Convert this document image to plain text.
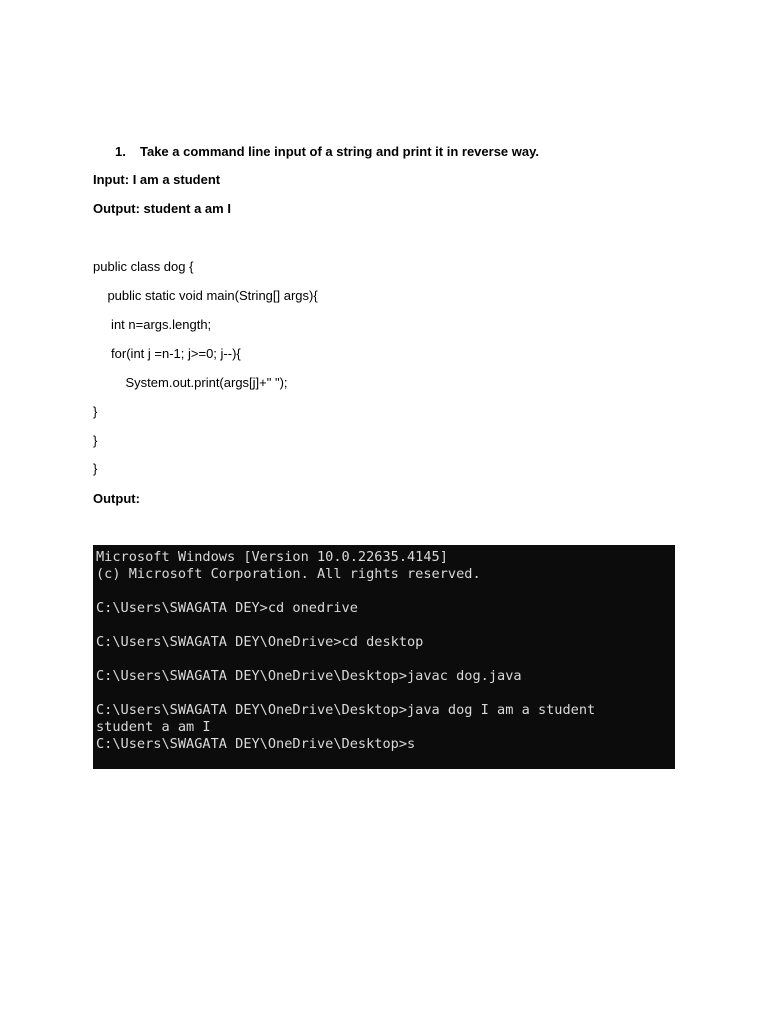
1. Take a command line input of a string and print it in reverse way.
Input: I am a student
Output: student a am I
public class dog {
public static void main(String[] args){
int n=args.length;
for(int j =n-1; j>=0; j--){
System.out.print(args[j]+" ");
}
}
}
Output:
Microsoft Windows [Version 10.0.22635.4145]
(c) Microsoft Corporation. All rights reserved.
C:\Users\SWAGATA DEY>cd onedrive
C:\Users\SWAGATA DEY\OneDrive>cd desktop
C:\Users\SWAGATA DEY\OneDrive\Desktop>javac dog.java
C:\Users\SWAGATA DEY\OneDrive\Desktop>java dog I am a student
student a am I
C:\Users\SWAGATA DEY\OneDrive\Desktop>s
